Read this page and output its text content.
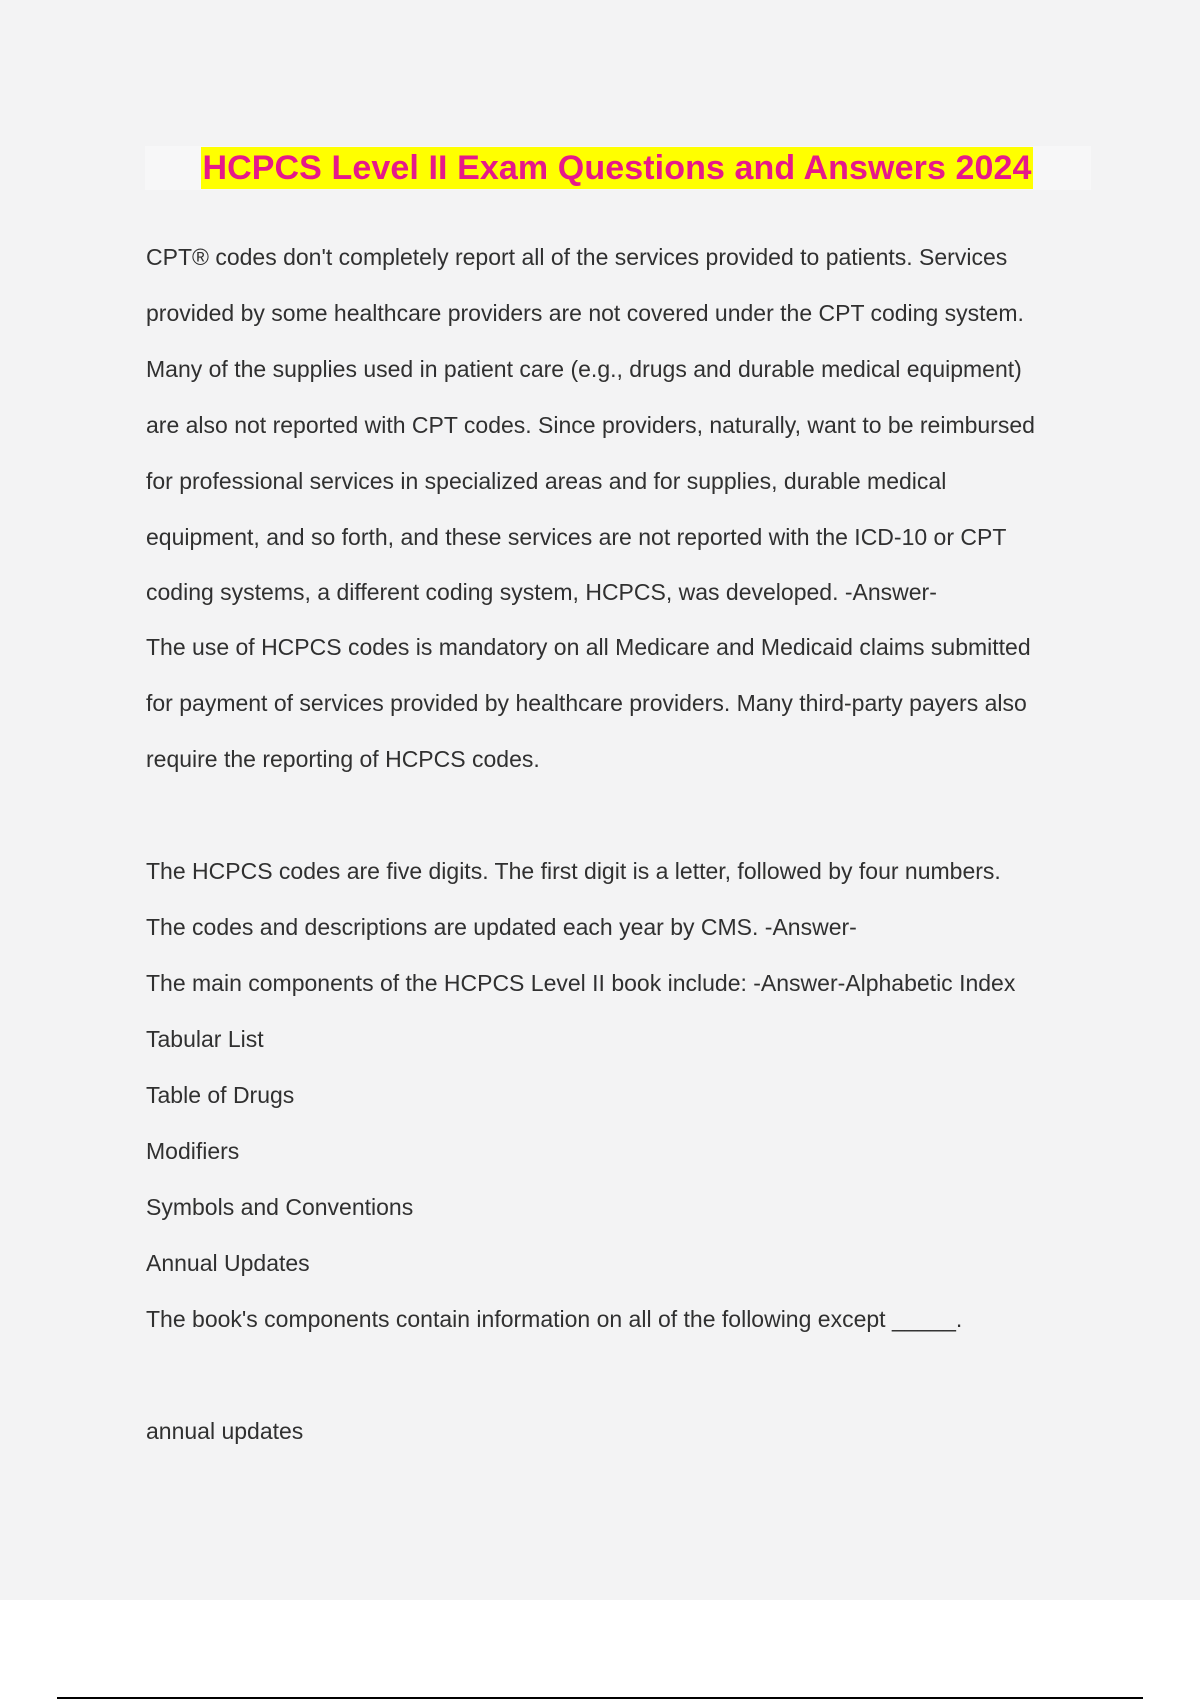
HCPCS Level II Exam Questions and Answers 2024
CPT® codes don't completely report all of the services provided to patients. Services
provided by some healthcare providers are not covered under the CPT coding system.
Many of the supplies used in patient care (e.g., drugs and durable medical equipment)
are also not reported with CPT codes. Since providers, naturally, want to be reimbursed
for professional services in specialized areas and for supplies, durable medical
equipment, and so forth, and these services are not reported with the ICD-10 or CPT
coding systems, a different coding system, HCPCS, was developed. -Answer-
The use of HCPCS codes is mandatory on all Medicare and Medicaid claims submitted
for payment of services provided by healthcare providers. Many third-party payers also
require the reporting of HCPCS codes.
The HCPCS codes are five digits. The first digit is a letter, followed by four numbers.
The codes and descriptions are updated each year by CMS. -Answer-
The main components of the HCPCS Level II book include: -Answer-Alphabetic Index
Tabular List
Table of Drugs
Modifiers
Symbols and Conventions
Annual Updates
The book's components contain information on all of the following except _____.
annual updates
